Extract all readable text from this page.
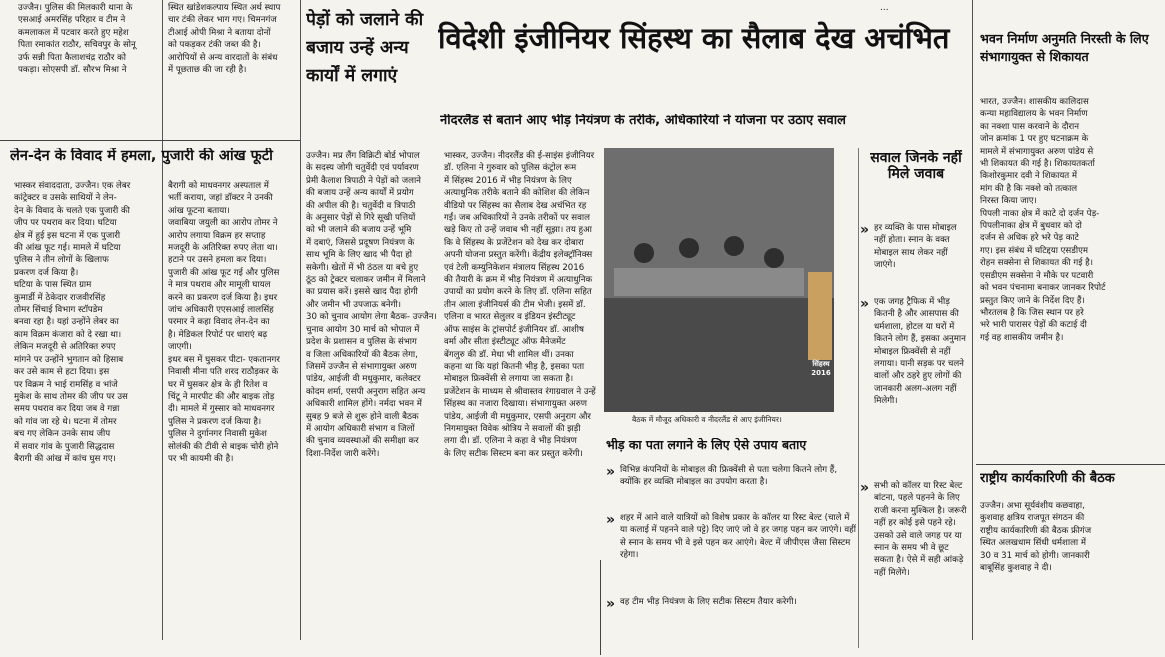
...

उज्जैन। पुलिस की मिलकारी थाना के
एसआई अमरसिंह परिहार व टीम ने
कमलाकल में पटवार करते हुए महेश
पिता रमाकांत राठौर, सचिवपुर के सोनू
उर्फ सन्नी पिता कैलाशचंद्र राठौर को
पकड़ा। सोएसपी डॉ. सौरभ मिश्रा ने

लेन-देन के विवाद में हमला, पुजारी की आंख फूटी

भास्कर संवाददाता, उज्जैन। एक लेबर
कांट्रेक्टर व उसके साथियों ने लेन-
देन के विवाद के चलते एक पुजारी की
जीप पर पथराव कर दिया। घटिया
क्षेत्र में हुई इस घटना में एक पुजारी
की आंख फूट गई। मामले में घटिया
पुलिस ने तीन लोगों के खिलाफ
प्रकरण दर्ज किया है।
घटिया के पास स्थित ग्राम
कुमार्डी में ठेकेदार राजवीरसिंह
तोमर सिंचाई विभाग स्टॉपडेम
बनवा रहा है। यहां उन्होंने लेबर का
काम विक्रम कंजारा को दे रखा था।
लेकिन मजदूरी से अतिरिक्त रुपए
मांगने पर उन्होंने भुगतान को हिसाब
कर उसे काम से हटा दिया। इस
पर विक्रम ने भाई रामसिंह व भांजे
मुकेश के साथ तोमर की जीप पर उस
समय पथराव कर दिया जब वे गन्ना
को गांव जा रहे थे। घटना में तोमर
बच गए लेकिन उनके साथ जीप
में सवार गांव के पुजारी सिद्धदास
बैरागी की आंख में कांच घुस गए।

स्थित खांडेशकल्पाय स्थित अर्थ स्थाप
चार टंकी लेकर भाग गए। चिमनगंज
टीआई ओपी मिश्रा ने बताया दोनों
को पकड़कर टंकी जब्त की है।
आरोपियों से अन्य वारदातों के संबंध
में पूछताछ की जा रही है।

बैरागी को माधवनगर अस्पताल में
भर्ती कराया, जहां डॉक्टर ने उनकी
आंख फूटना बताया।
जवाबिया जयुली का आरोप तोमर ने
आरोप लगाया विक्रम हर सप्ताह
मजदूरी के अतिरिक्त रुपए लेता था।
हटाने पर उसने हमला कर दिया।
पुजारी की आंख फूट गई और पुलिस
ने मात्र पथराव और मामूली घायल
करने का प्रकरण दर्ज किया है। इधर
जांच अधिकारी एएसआई लालसिंह
परमार ने कहा विवाद लेन-देन का
है। मेडिकल रिपोर्ट पर धाराएं बढ़
जाएगी।
इधर बस में घुसकर पीटा- एकतानगर
निवासी मीना पति शरद राठौड़कर के
घर में घुसकर क्षेत्र के ही रितेश व
चिंटू ने मारपीट की और बाइक तोड़
दी। मामले में गुस्सार को माधवनगर
पुलिस ने प्रकरण दर्ज किया है।
पुलिस ने दुर्गानगर निवासी मुकेश
सोलंकी की टीवी से बाइक चोरी होने
पर भी कायमी की है।

पेड़ों को जलाने की बजाय उन्हें अन्य कार्यों में लगाएं

उज्जैन। मप्र लैंग विक्रिटी बोर्ड भोपाल
के सदस्य जोगी चतुर्वेदी एवं पर्यावरण
प्रेमी कैलाश त्रिपाठी ने पेड़ों को जलाने
की बजाय उन्हें अन्य कार्यों में प्रयोग
की अपील की है। चतुर्वेदी व त्रिपाठी
के अनुसार पेड़ों से गिरे सूखी पत्तियों
को भी जलाने की बजाय उन्हें भूमि
में दबाएं, जिससे प्रदूषण नियंत्रण के
साथ भूमि के लिए खाद भी पैदा हो
सकेगी। खेतों में भी ठंठल या बचे हुए
ठूंठ को ट्रेक्टर चलाकर जमीन में मिलाने
का प्रयास करें। इससे खाद पैदा होगी
और जमीन भी उपजाऊ बनेगी।
30 को चुनाव आयोग लेगा बैठक- उज्जैन।
चुनाव आयोग 30 मार्च को भोपाल में
प्रदेश के प्रशासन व पुलिस के संभाग
व जिला अधिकारियों की बैठक लेगा,
जिसमें उज्जैन से संभागायुक्त अरुण
पांडेय, आईजी वी मधुकुमार, कलेक्टर
कोदम शर्मा, एसपी अनुराग सहित अन्य
अधिकारी शामिल होंगे। नर्मदा भवन में
सुबह 9 बजे से शुरू होने वाली बैठक
में आयोग अधिकारी संभाग व जिलों
की चुनाव व्यवस्थाओं की समीक्षा कर
दिशा-निर्देश जारी करेंगे।

विदेशी इंजीनियर सिंहस्थ का सैलाब देख अचंभित
नीदरलैंड से बताने आए भीड़ नियंत्रण के तरीके, अधिकारियों ने योजना पर उठाए सवाल

भास्कर, उज्जैन। नीदरलैंड की ई-साइंस इंजीनियर
डॉ. एलिना ने गुरुवार को पुलिस कंट्रोल रूम
में सिंहस्थ 2016 में भीड़ नियंत्रण के लिए
अत्याधुनिक तरीके बताने की कोशिश की लेकिन
वीडियो पर सिंहस्थ का सैलाब देख अचंभित रह
गईं। जब अधिकारियों ने उनके तरीकों पर सवाल
खड़े किए तो उन्हें जवाब भी नहीं सूझा। तय हुआ
कि वे सिंहस्थ के प्रजेंटेशन को देख कर दोबारा
अपनी योजना प्रस्तुत करेंगी। केंद्रीय इलेक्ट्रॉनिक्स
एवं टेली कम्युनिकेशन मंत्रालय सिंहस्थ 2016
की तैयारी के क्रम में भीड़ नियंत्रण में अत्याधुनिक
उपायों का प्रयोग करने के लिए डॉ. एलिना सहित
तीन आला इंजीनियर्स की टीम भेजी। इसमें डॉ.
एलिना व भारत सेलुलर व इंडियन इंस्टीट्यूट
ऑफ साइंस के ट्रांसपोर्ट इंजीनियर डॉ. आशीष
वर्मा और सीता इंस्टीट्यूट ऑफ मैनेजमेंट
बेंगलुरु की डॉ. मेधा भी शामिल थीं। उनका
कहना था कि यहां कितनी भीड़ है, इसका पता
मोबाइल फ्रिक्वेंसी से लगाया जा सकता है।
प्रजेंटेशन के माध्यम से श्रीवास्तव रंगाग्रवाल ने उन्हें
सिंहस्थ का नजारा दिखाया। संभागायुक्त अरुण
पांडेय, आईजी वी मधुकुमार, एसपी अनुराग और
निगमायुक्त विवेक श्रोत्रिय ने सवालों की झड़ी
लगा दी। डॉ. एलिना ने कहा वे भीड़ नियंत्रण
के लिए सटीक सिस्टम बना कर प्रस्तुत करेंगी।

सिंहस्थ 2016

बैठक में मौजूद अधिकारी व नीदरलैंड से आए इंजीनियर।

भीड़ का पता लगाने के लिए ऐसे उपाय बताए
» विभिन्न कंपनियों के मोबाइल की फ्रिक्वेंसी से पता चलेगा कितने लोग हैं, क्योंकि हर व्यक्ति मोबाइल का उपयोग करता है।

» शहर में आने वाले यात्रियों को विशेष प्रकार के कॉलर या रिस्ट बेल्ट (चाले में या कलाई में पहनने वाले पट्टे) दिए जाएं जो वे हर जगह पहन कर जाएंगे। वहीं से स्नान के समय भी वे इसे पहन कर आएंगे। बेल्ट में जीपीएस जैसा सिस्टम रहेगा।

» वह टीम भीड़ नियंत्रण के लिए सटीक सिस्टम तैयार करेगी।

सवाल जिनके नहीं मिले जवाब
» हर व्यक्ति के पास मोबाइल नहीं होता। स्नान के वक्त मोबाइल साथ लेकर नहीं जाएंगे।

» एक जगह ट्रैफिक में भीड़ कितनी है और आसपास की धर्मशाला, होटल या घरों में कितने लोग हैं, इसका अनुमान मोबाइल फ्रिक्वेंसी से नहीं लगाया। यानी सड़क पर चलने वालों और ठहरे हुए लोगों की जानकारी अलग-अलग नहीं मिलेगी।

» सभी को कॉलर या रिस्ट बेल्ट बांटना, पहले पहनने के लिए राजी करना मुश्किल है। जरूरी नहीं हर कोई इसे पहने रहे। उसको उसे वाले जगह पर या स्नान के समय भी वे छूट सकता है। ऐसे में सही आंकड़े नहीं मिलेंगे।

भवन निर्माण अनुमति निरस्ती के लिए संभागायुक्त से शिकायत

भारत, उज्जैन। शासकीय कालिदास
कन्या महाविद्यालय के भवन निर्माण
का नक्शा पास करवाने के दौरान
जोन क्रमांक 1 पर हुए घटनाक्रम के
मामले में संभागायुक्त अरुण पांडेय से
भी शिकायत की गई है। शिकायतकर्ता
किशोरकुमार दवी ने शिकायत में
मांग की है कि नक्शे को तत्काल
निरस्त किया जाए।
पिपली नाका क्षेत्र में काटे दो दर्जन पेड़-
पिपलीनाका क्षेत्र में बुधवार को दो
दर्जन से अधिक हरे भरे पेड़ काटे
गए। इस संबंध में घटिद्दया एसडीएम
रोहन सक्सेना से शिकायत की गई है।
एसडीएम सक्सेना ने मौके पर पटवारी
को भवन पंचनामा बनाकर जानकर रिपोर्ट
प्रस्तुत किए जाने के निर्देश दिए हैं।
भौरतलब है कि जिस स्थान पर हरे
भरे भारी पारासर पेड़ों की कटाई दी
गई वह शासकीय जमीन है।

राष्ट्रीय कार्यकारिणी की बैठक

उज्जैन। अभा सूर्यवंशीय कछवाहा,
कुशवाह क्षत्रिय राजपूत संगठन की
राष्ट्रीय कार्यकारिणी की बैठक फ्रीगंज
स्थित अलखधाम सिंधी धर्मशाला में
30 व 31 मार्च को होगी। जानकारी
बाबूसिंह कुशवाह ने दी।
